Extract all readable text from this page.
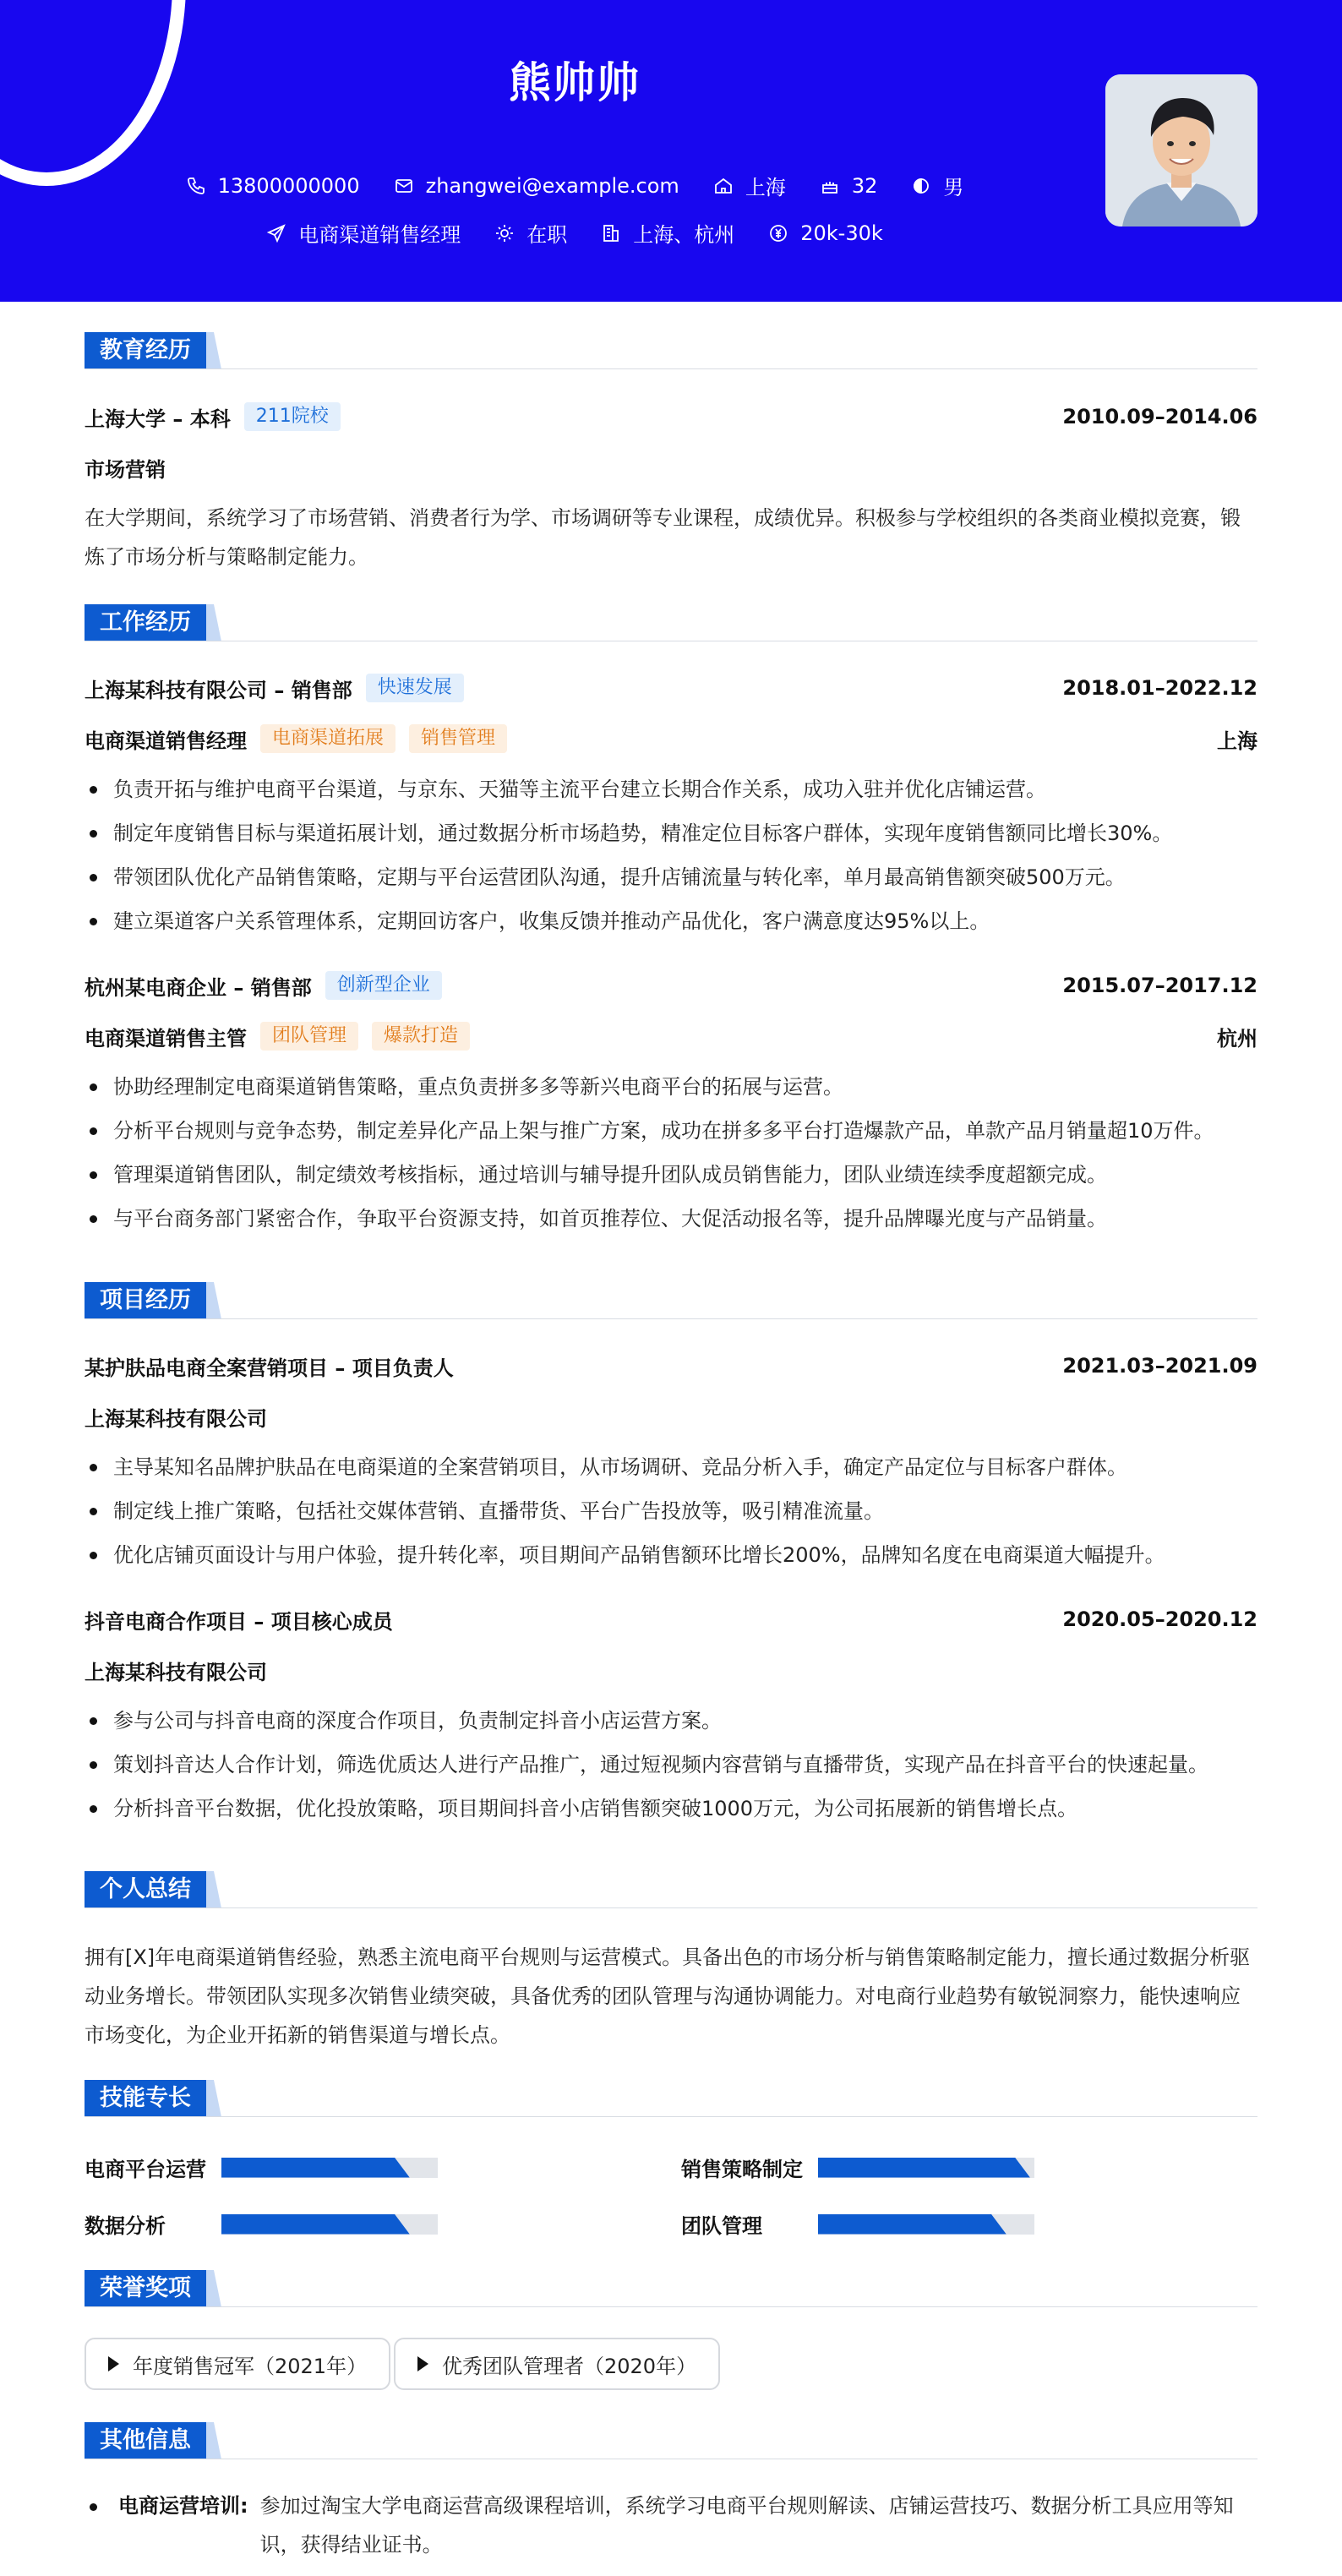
熊帅帅
13800000000	zhangwei@example.com	上海	32	男
电商渠道销售经理	在职	上海、杭州	20k-30k
教育经历
上海大学 – 本科	211院校	2010.09–2014.06
市场营销
在大学期间，系统学习了市场营销、消费者行为学、市场调研等专业课程，成绩优异。积极参与学校组织的各类商业模拟竞赛，锻炼了市场分析与策略制定能力。
工作经历
上海某科技有限公司 – 销售部	快速发展	2018.01–2022.12
电商渠道销售经理	电商渠道拓展	销售管理	上海
负责开拓与维护电商平台渠道，与京东、天猫等主流平台建立长期合作关系，成功入驻并优化店铺运营。
制定年度销售目标与渠道拓展计划，通过数据分析市场趋势，精准定位目标客户群体，实现年度销售额同比增长30%。
带领团队优化产品销售策略，定期与平台运营团队沟通，提升店铺流量与转化率，单月最高销售额突破500万元。
建立渠道客户关系管理体系，定期回访客户，收集反馈并推动产品优化，客户满意度达95%以上。
杭州某电商企业 – 销售部	创新型企业	2015.07–2017.12
电商渠道销售主管	团队管理	爆款打造	杭州
协助经理制定电商渠道销售策略，重点负责拼多多等新兴电商平台的拓展与运营。
分析平台规则与竞争态势，制定差异化产品上架与推广方案，成功在拼多多平台打造爆款产品，单款产品月销量超10万件。
管理渠道销售团队，制定绩效考核指标，通过培训与辅导提升团队成员销售能力，团队业绩连续季度超额完成。
与平台商务部门紧密合作，争取平台资源支持，如首页推荐位、大促活动报名等，提升品牌曝光度与产品销量。
项目经历
某护肤品电商全案营销项目 – 项目负责人	2021.03–2021.09
上海某科技有限公司
主导某知名品牌护肤品在电商渠道的全案营销项目，从市场调研、竞品分析入手，确定产品定位与目标客户群体。
制定线上推广策略，包括社交媒体营销、直播带货、平台广告投放等，吸引精准流量。
优化店铺页面设计与用户体验，提升转化率，项目期间产品销售额环比增长200%，品牌知名度在电商渠道大幅提升。
抖音电商合作项目 – 项目核心成员	2020.05–2020.12
上海某科技有限公司
参与公司与抖音电商的深度合作项目，负责制定抖音小店运营方案。
策划抖音达人合作计划，筛选优质达人进行产品推广，通过短视频内容营销与直播带货，实现产品在抖音平台的快速起量。
分析抖音平台数据，优化投放策略，项目期间抖音小店销售额突破1000万元，为公司拓展新的销售增长点。
个人总结
拥有[X]年电商渠道销售经验，熟悉主流电商平台规则与运营模式。具备出色的市场分析与销售策略制定能力，擅长通过数据分析驱动业务增长。带领团队实现多次销售业绩突破，具备优秀的团队管理与沟通协调能力。对电商行业趋势有敏锐洞察力，能快速响应市场变化，为企业开拓新的销售渠道与增长点。
技能专长
电商平台运营	销售策略制定
数据分析	团队管理
荣誉奖项
年度销售冠军（2021年）	优秀团队管理者（2020年）
其他信息
电商运营培训: 参加过淘宝大学电商运营高级课程培训，系统学习电商平台规则解读、店铺运营技巧、数据分析工具应用等知识，获得结业证书。
